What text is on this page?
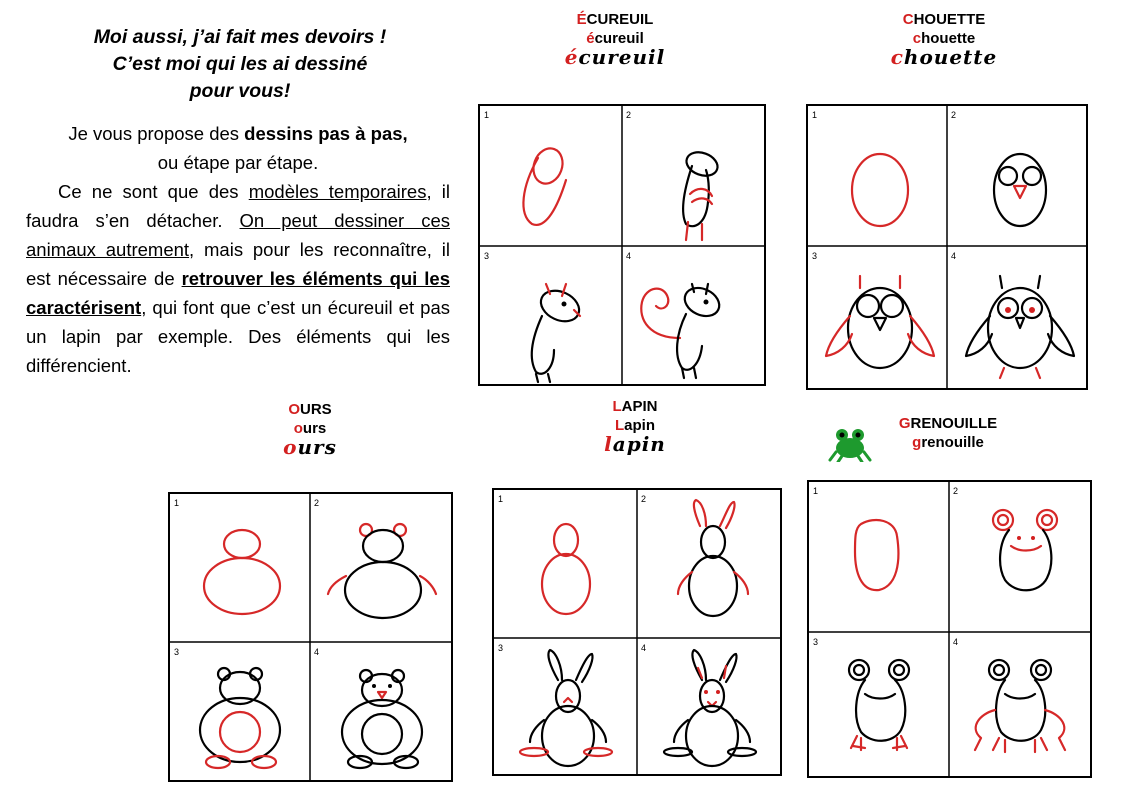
Moi aussi, j’ai fait mes devoirs !
C’est moi qui les ai dessiné
pour vous!

Je vous propose des dessins pas à pas,
ou étape par étape.

Ce ne sont que des modèles temporaires, il faudra s’en détacher. On peut dessiner ces animaux autrement, mais pour les reconnaître, il est nécessaire de retrouver les éléments qui les caractérisent, qui font que c’est un écureuil et pas un lapin par exemple. Des éléments qui les différencient.

ÉCUREUIL
écureuil
écureuil
1	2
3	4
CHOUETTE
chouette
chouette
1	2
3	4
OURS
ours
ours
1	2
3	4
LAPIN
Lapin
lapin
1	2
3	4
GRENOUILLE
grenouille
1	2
3	4
